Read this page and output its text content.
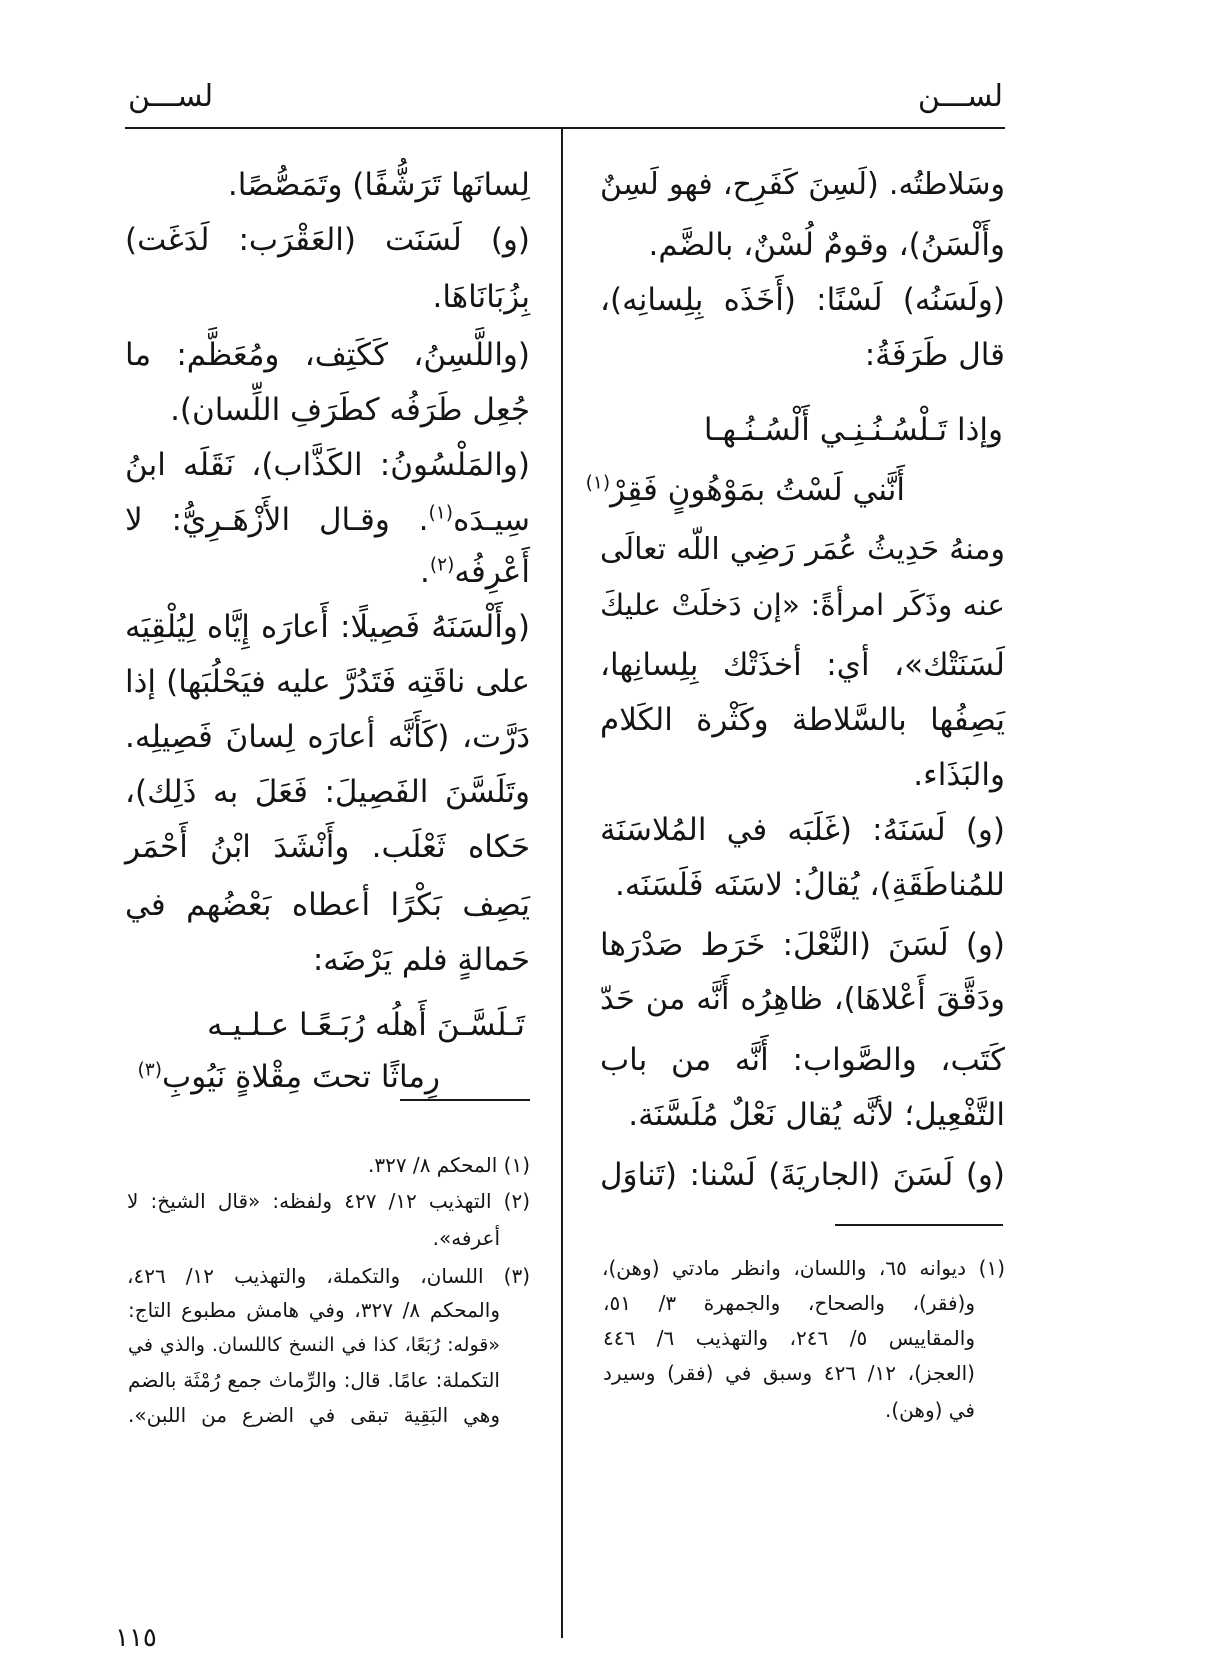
لســـن
لســـن
وسَلاطتُه. (لَسِنَ كَفَرِح، فهو لَسِنٌ
وأَلْسَنُ)، وقومٌ لُسْنٌ، بالضَّم.
(ولَسَنُه) لَسْنًا: (أَخَذَه بِلِسانِه)،
قال طَرَفَةُ:
وإذا تَـلْسُـنُـنِـي أَلْسُـنُـهـا
أَنَّني لَسْتُ بمَوْهُونٍ فَقِرْ$^{(١)}$
ومنهُ حَدِيثُ عُمَر رَضِي اللّه تعالَى
عنه وذَكَر امرأةً: «إن دَخلَتْ عليكَ
لَسَنَتْك»، أي: أخذَتْك بِلِسانِها،
يَصِفُها بالسَّلاطة وكَثْرة الكَلام
والبَذَاء.
(و) لَسَنَهُ: (غَلَبَه في المُلاسَنَة
للمُناطَقَةِ)، يُقالُ: لاسَنَه فَلَسَنَه.
(و) لَسَنَ (النَّعْلَ: خَرَط صَدْرَها
ودَقَّقَ أَعْلاهَا)، ظاهِرُه أَنَّه من حَدّ
كَتَب، والصَّواب: أَنَّه من باب
التَّفْعِيل؛ لأنَّه يُقال نَعْلٌ مُلَسَّنَة.
(و) لَسَنَ (الجاريَةَ) لَسْنا: (تَناوَل
(١) ديوانه ٦٥، واللسان، وانظر مادتي (وهن)،
و(فقر)، والصحاح، والجمهرة ٣/ ٥١،
والمقاييس ٥/ ٢٤٦، والتهذيب ٦/ ٤٤٦
(العجز)، ١٢/ ٤٢٦ وسبق في (فقر) وسيرد
في (وهن).
لِسانَها تَرَشُّفًا) وتَمَصُّصًا.
(و) لَسَنَت (العَقْرَب: لَدَغَت)
بِزُبَانَاهَا.
(واللَّسِنُ، كَكَتِف، ومُعَظَّم: ما
جُعِل طَرَفُه كطَرَفِ اللِّسان).
(والمَلْسُونُ: الكَذَّاب)، نَقَلَه ابنُ
سِيـدَه$^{(١)}$. وقـال الأَزْهَـرِيُّ: لا
أَعْرِفُه$^{(٢)}$.
(وأَلْسَنَهُ فَصِيلًا: أَعارَه إِيَّاه لِيُلْقِيَه
على ناقَتِه فَتَدُرَّ عليه فيَحْلُبَها) إذا
دَرَّت، (كَأَنَّه أعارَه لِسانَ فَصِيلِه.
وتَلَسَّنَ الفَصِيلَ: فَعَلَ به ذَلِك)،
حَكاه ثَعْلَب. وأَنْشَدَ ابْنُ أَحْمَر
يَصِف بَكْرًا أعطاه بَعْضُهم في
حَمالةٍ فلم يَرْضَه:
تَـلَسَّـنَ أَهلُه رُبَـعًـا عـلـيـه
رِماثًا تحتَ مِقْلاةٍ نَيُوبِ$^{(٣)}$
(١) المحكم ٨/ ٣٢٧.
(٢) التهذيب ١٢/ ٤٢٧ ولفظه: «قال الشيخ: لا
أعرفه».
(٣) اللسان، والتكملة، والتهذيب ١٢/ ٤٢٦،
والمحكم ٨/ ٣٢٧، وفي هامش مطبوع التاج:
«قوله: رُبَعًا، كذا في النسخ كاللسان. والذي في
التكملة: عامًا. قال: والرِّماث جمع رُمْثَة بالضم
وهي البَقِية تبقى في الضرع من اللبن».
١١٥
